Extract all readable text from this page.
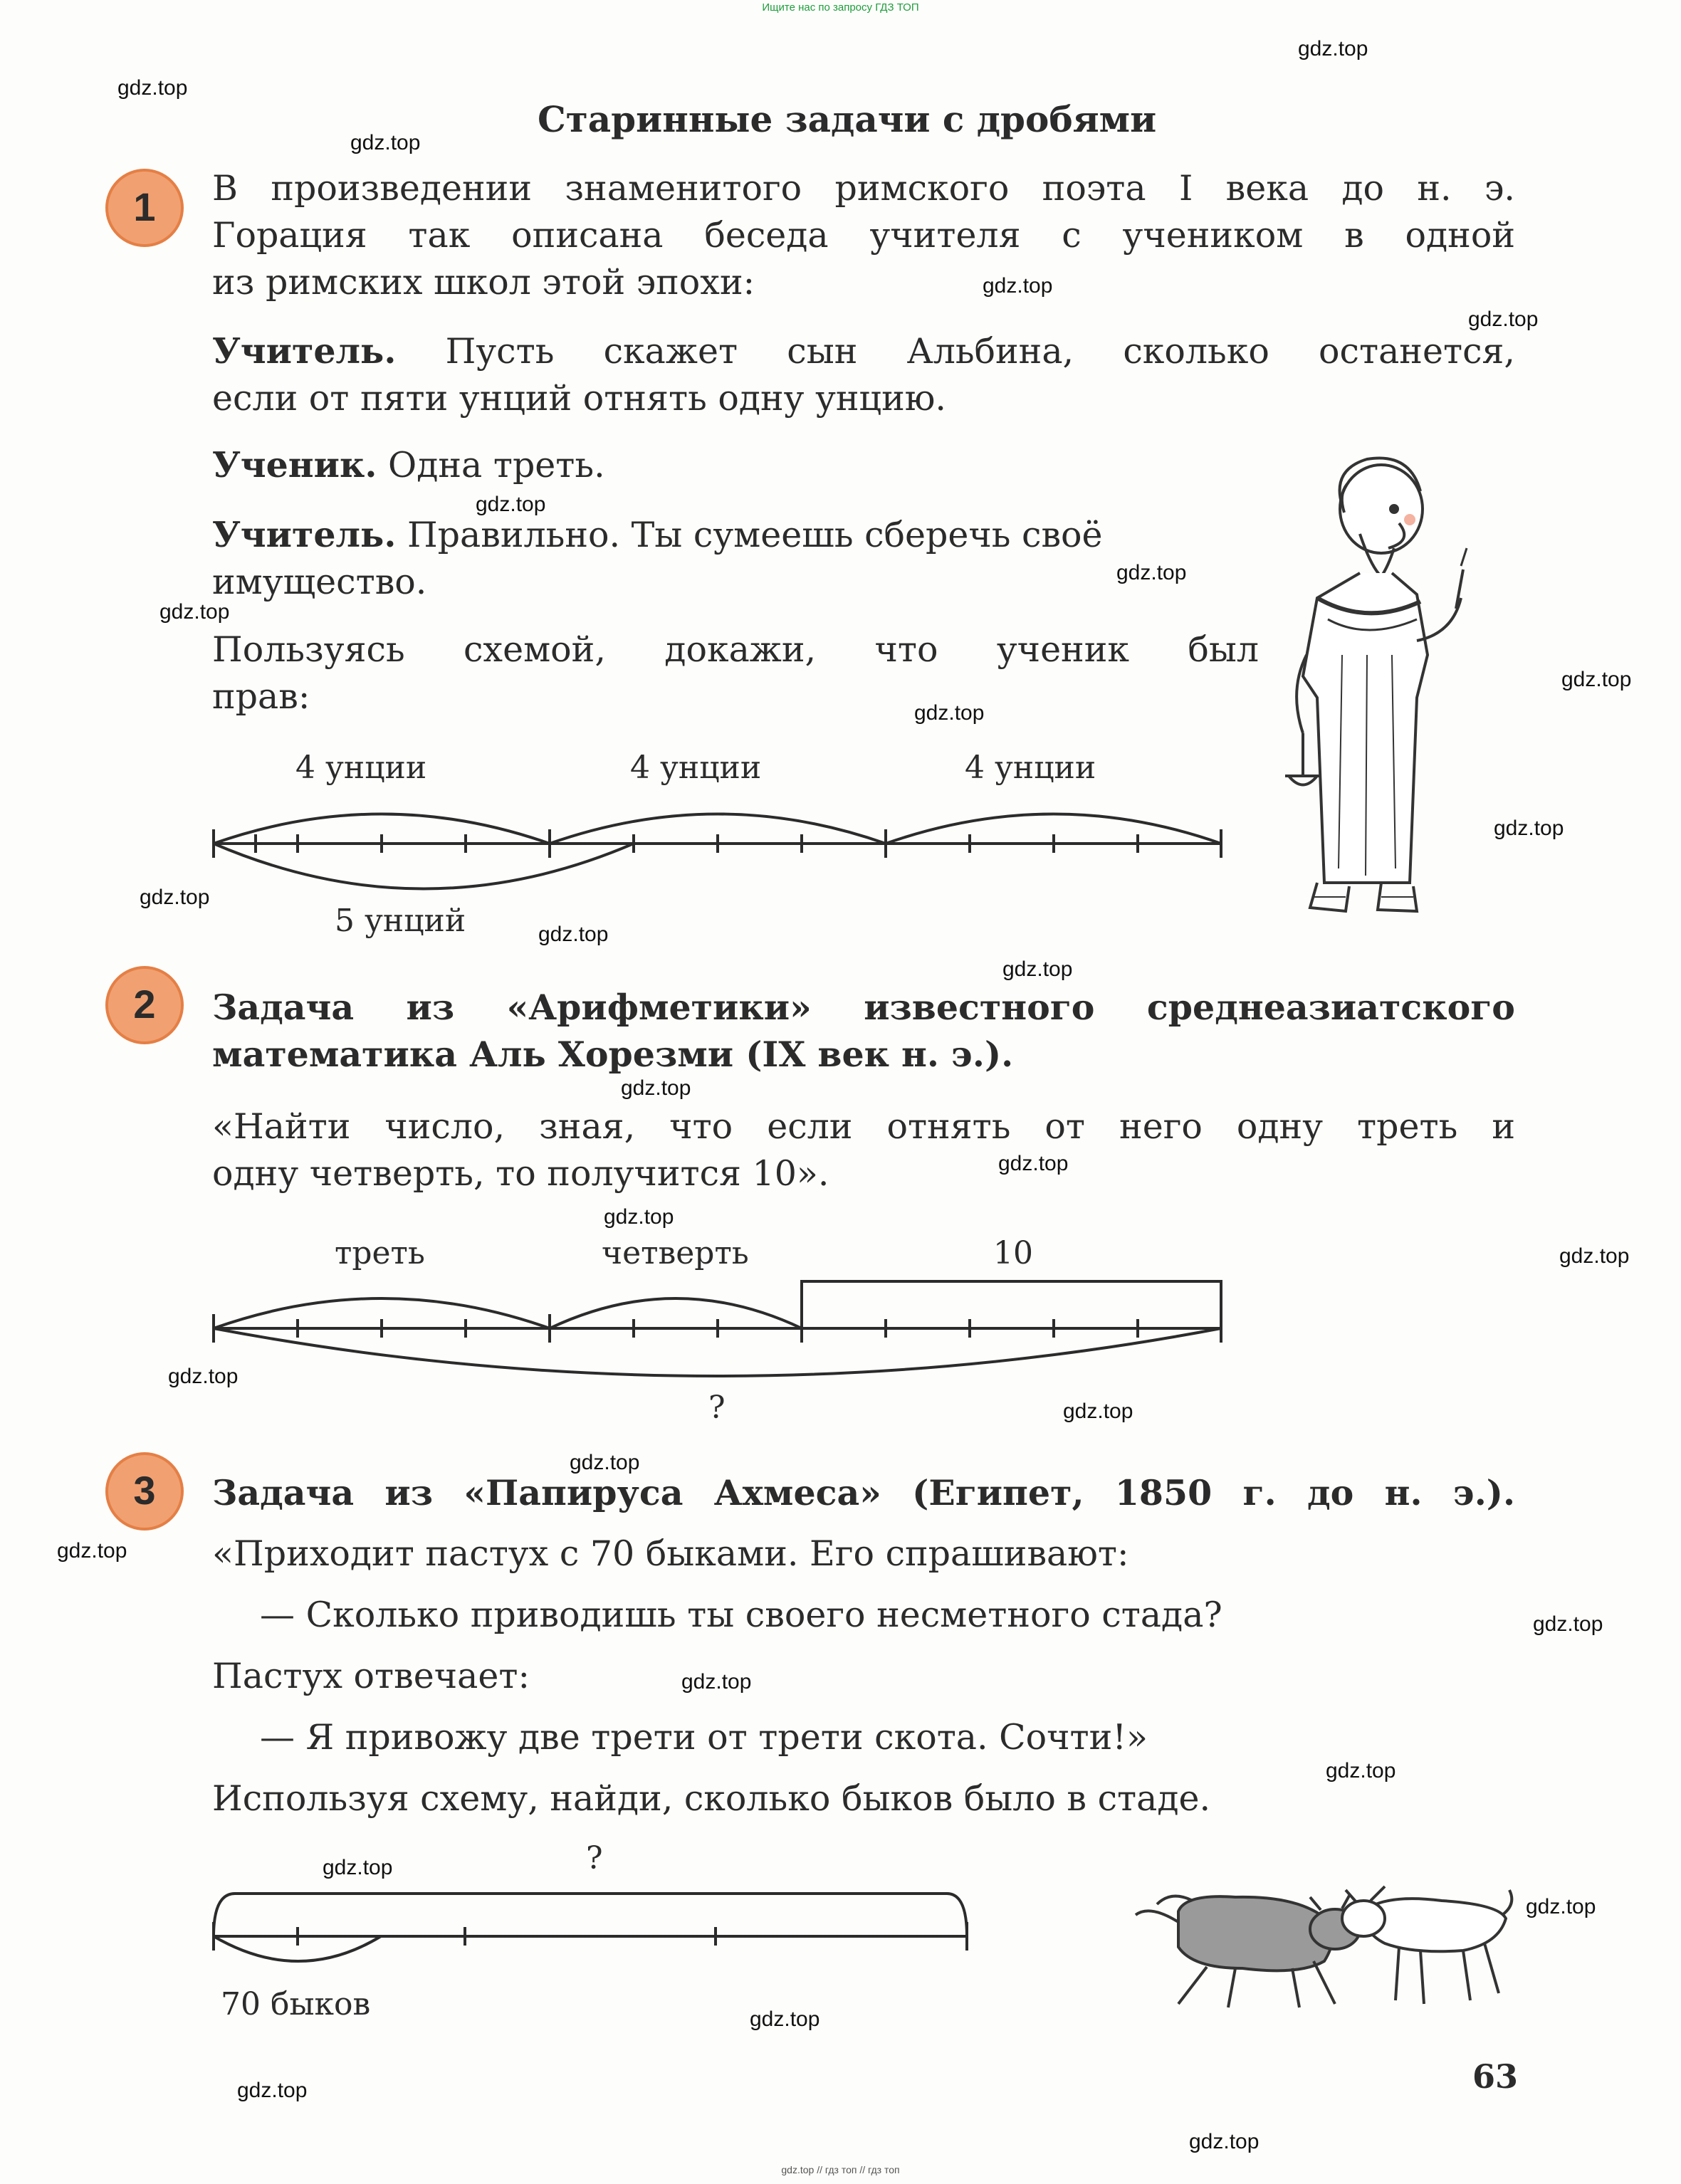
Ищите нас по запросу ГДЗ ТОП
gdz.top // гдз топ // гдз топ
gdz.top
gdz.top
gdz.top
gdz.top
gdz.top
gdz.top
gdz.top
gdz.top
gdz.top
gdz.top
gdz.top
gdz.top
gdz.top
gdz.top
gdz.top
gdz.top
gdz.top
gdz.top
gdz.top
gdz.top
gdz.top
gdz.top
gdz.top
gdz.top
gdz.top
gdz.top
gdz.top
gdz.top
gdz.top
gdz.top
Старинные задачи с дробями
1	В произведении знаменитого римского поэта I века до н. э.
Горация так описана беседа учителя с учеником в одной
из римских школ этой эпохи:
Учитель. Пусть скажет сын Альбина, сколько останется,
если от пяти унций отнять одну унцию.
Ученик. Одна треть.
Учитель. Правильно. Ты сумеешь сберечь своё
имущество.
Пользуясь схемой, докажи, что ученик был
прав:
4 унции	4 унции	4 унции
5 унций
2	Задача из «Арифметики» известного среднеазиатского
математика Аль Хорезми (IX век н. э.).
«Найти число, зная, что если отнять от него одну треть и
одну четверть, то получится 10».
треть	четверть	10
?
3	Задача из «Папируса Ахмеса» (Египет, 1850 г. до н. э.).
«Приходит пастух с 70 быками. Его спрашивают:
— Сколько приводишь ты своего несметного стада?
Пастух отвечает:
— Я привожу две трети от трети скота. Сочти!»
Используя схему, найди, сколько быков было в стаде.
?
70 быков
63
